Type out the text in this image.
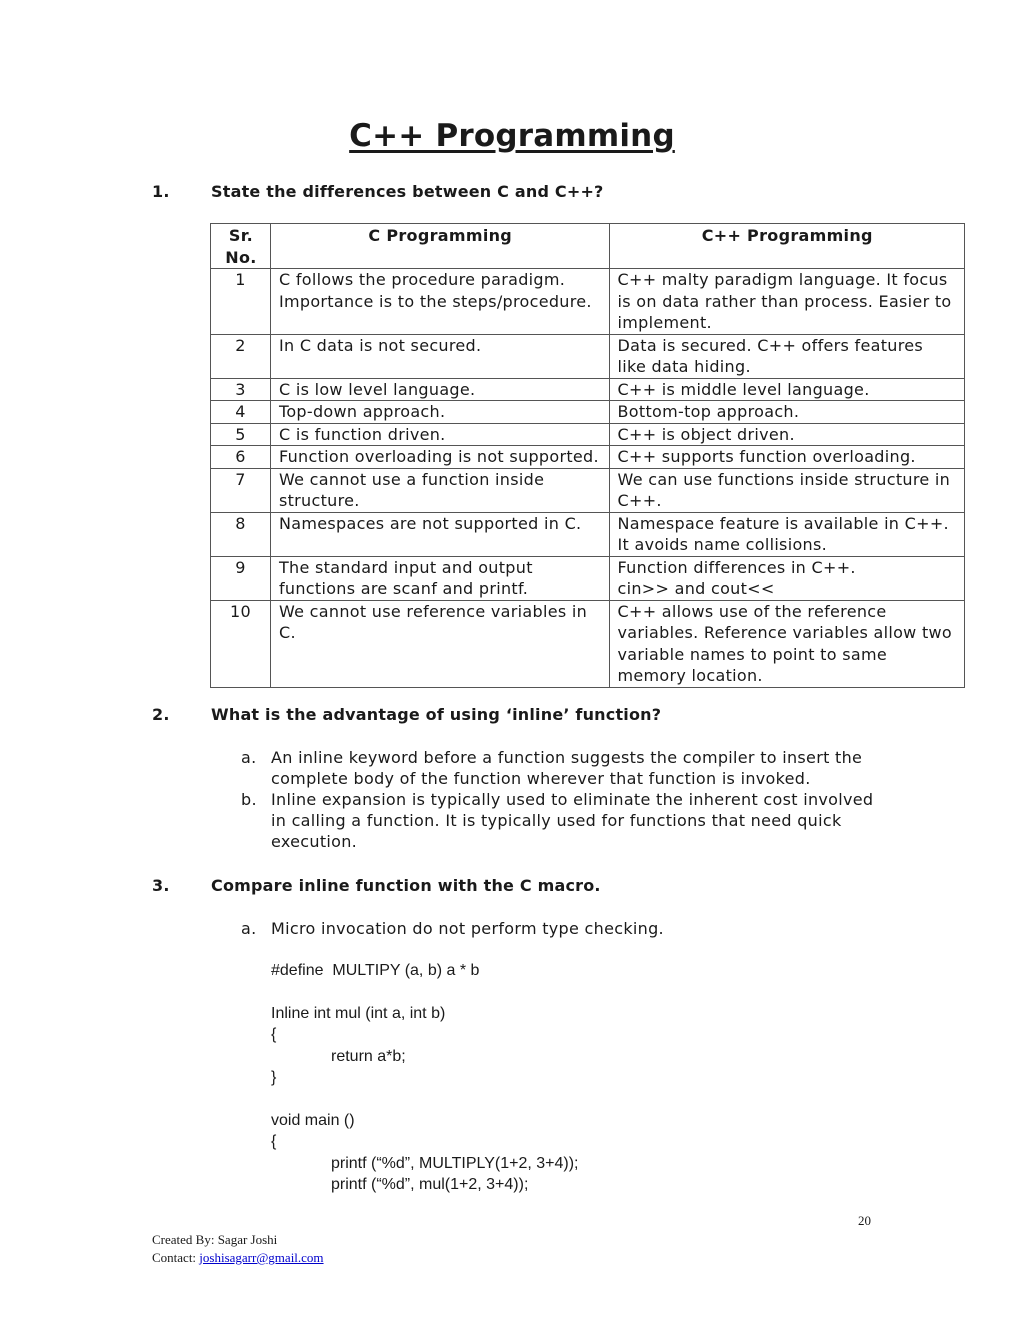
C++ Programming
1.	State the differences between C and C++?
Sr.
No.	C Programming	C++ Programming
1	C follows the procedure paradigm. Importance is to the steps/procedure.	C++ malty paradigm language. It focus is on data rather than process. Easier to implement.
2	In C data is not secured.	Data is secured. C++ offers features like data hiding.
3	C is low level language.	C++ is middle level language.
4	Top-down approach.	Bottom-top approach.
5	C is function driven.	C++ is object driven.
6	Function overloading is not supported.	C++ supports function overloading.
7	We cannot use a function inside structure.	We can use functions inside structure in C++.
8	Namespaces are not supported in C.	Namespace feature is available in C++. It avoids name collisions.
9	The standard input and output functions are scanf and printf.	Function differences in C++.
cin>> and cout<<
10	We cannot use reference variables in C.	C++ allows use of the reference variables. Reference variables allow two variable names to point to same memory location.
2.	What is the advantage of using ‘inline’ function?
a. An inline keyword before a function suggests the compiler to insert the complete body of the function wherever that function is invoked.
b. Inline expansion is typically used to eliminate the inherent cost involved in calling a function. It is typically used for functions that need quick execution.
3.	Compare inline function with the C macro.
a. Micro invocation do not perform type checking.
#define  MULTIPY (a, b) a * b

Inline int mul (int a, int b)
{
return a*b;
}

void main ()
{
printf (“%d”, MULTIPLY(1+2, 3+4));
printf (“%d”, mul(1+2, 3+4));
20
Created By: Sagar Joshi
Contact: joshisagarr@gmail.com
